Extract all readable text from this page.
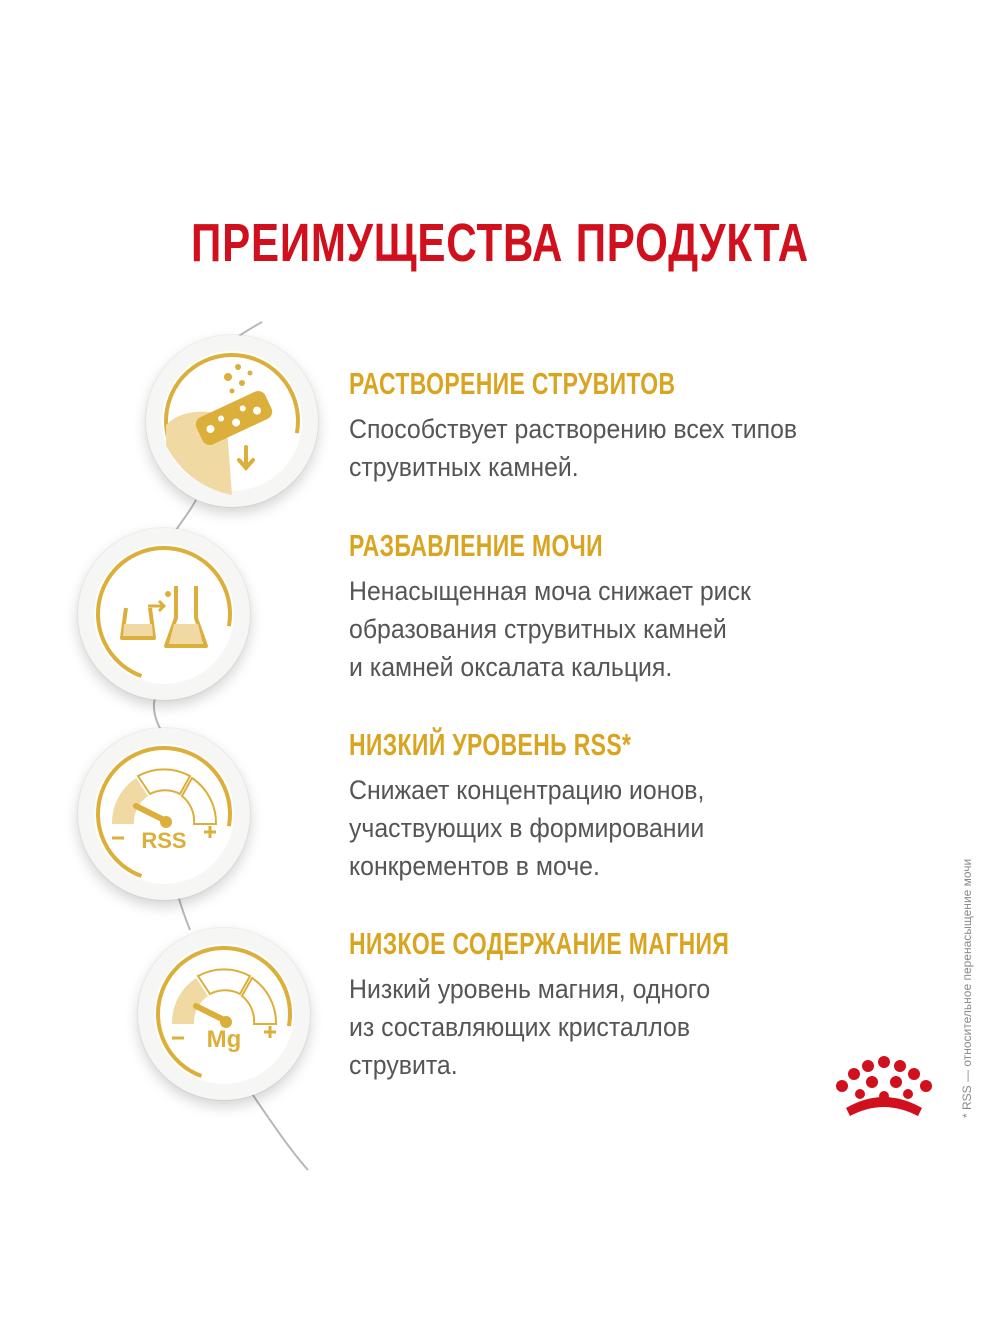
ПРЕИМУЩЕСТВА ПРОДУКТА
RSS
Mg
РАСТВОРЕНИЕ СТРУВИТОВ
Способствует растворению всех типов
струвитных камней.
РАЗБАВЛЕНИЕ МОЧИ
Ненасыщенная моча снижает риск
образования струвитных камней
и камней оксалата кальция.
НИЗКИЙ УРОВЕНЬ RSS*
Снижает концентрацию ионов,
участвующих в формировании
конкрементов в моче.
НИЗКОЕ СОДЕРЖАНИЕ МАГНИЯ
Низкий уровень магния, одного
из составляющих кристаллов
струвита.	* RSS — относительное перенасыщение мочи
